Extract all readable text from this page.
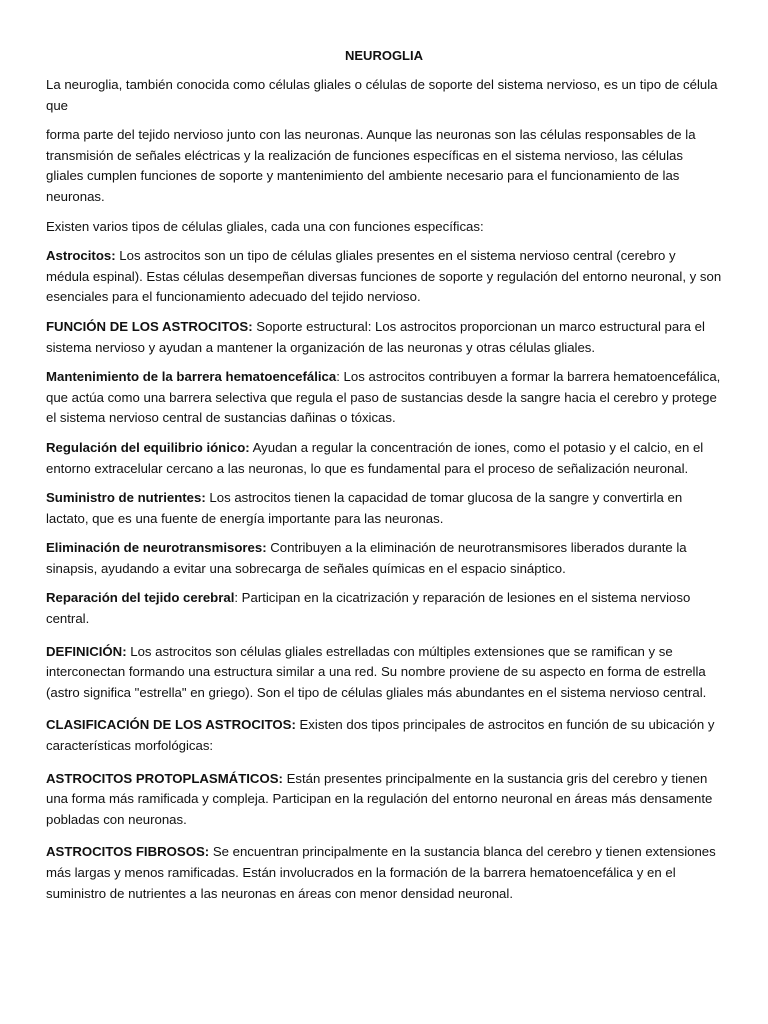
NEUROGLIA

La neuroglia, también conocida como células gliales o células de soporte del sistema nervioso, es un tipo de célula que

forma parte del tejido nervioso junto con las neuronas. Aunque las neuronas son las células responsables de la transmisión de señales eléctricas y la realización de funciones específicas en el sistema nervioso, las células gliales cumplen funciones de soporte y mantenimiento del ambiente necesario para el funcionamiento de las neuronas.

Existen varios tipos de células gliales, cada una con funciones específicas:

Astrocitos: Los astrocitos son un tipo de células gliales presentes en el sistema nervioso central (cerebro y médula espinal). Estas células desempeñan diversas funciones de soporte y regulación del entorno neuronal, y son esenciales para el funcionamiento adecuado del tejido nervioso.

FUNCIÓN DE LOS ASTROCITOS: Soporte estructural: Los astrocitos proporcionan un marco estructural para el sistema nervioso y ayudan a mantener la organización de las neuronas y otras células gliales.

Mantenimiento de la barrera hematoencefálica: Los astrocitos contribuyen a formar la barrera hematoencefálica, que actúa como una barrera selectiva que regula el paso de sustancias desde la sangre hacia el cerebro y protege el sistema nervioso central de sustancias dañinas o tóxicas.

Regulación del equilibrio iónico: Ayudan a regular la concentración de iones, como el potasio y el calcio, en el entorno extracelular cercano a las neuronas, lo que es fundamental para el proceso de señalización neuronal.

Suministro de nutrientes: Los astrocitos tienen la capacidad de tomar glucosa de la sangre y convertirla en lactato, que es una fuente de energía importante para las neuronas.

Eliminación de neurotransmisores: Contribuyen a la eliminación de neurotransmisores liberados durante la sinapsis, ayudando a evitar una sobrecarga de señales químicas en el espacio sináptico.

Reparación del tejido cerebral: Participan en la cicatrización y reparación de lesiones en el sistema nervioso central.

DEFINICIÓN: Los astrocitos son células gliales estrelladas con múltiples extensiones que se ramifican y se interconectan formando una estructura similar a una red. Su nombre proviene de su aspecto en forma de estrella (astro significa "estrella" en griego). Son el tipo de células gliales más abundantes en el sistema nervioso central.

CLASIFICACIÓN DE LOS ASTROCITOS: Existen dos tipos principales de astrocitos en función de su ubicación y características morfológicas:

ASTROCITOS PROTOPLASMÁTICOS: Están presentes principalmente en la sustancia gris del cerebro y tienen una forma más ramificada y compleja. Participan en la regulación del entorno neuronal en áreas más densamente pobladas con neuronas.

ASTROCITOS FIBROSOS: Se encuentran principalmente en la sustancia blanca del cerebro y tienen extensiones más largas y menos ramificadas. Están involucrados en la formación de la barrera hematoencefálica y en el suministro de nutrientes a las neuronas en áreas con menor densidad neuronal.
